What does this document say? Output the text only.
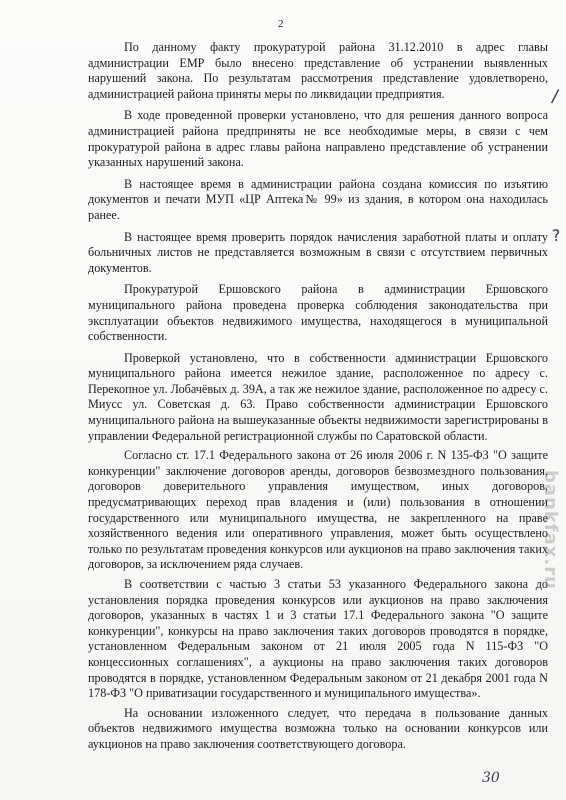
2

По данному факту прокуратурой района 31.12.2010 в адрес главы администрации ЕМР было внесено представление об устранении выявленных нарушений закона. По результатам рассмотрения представление удовлетворено, администрацией района приняты меры по ликвидации предприятия.

В ходе проведенной проверки установлено, что для решения данного вопроса администрацией района предприняты не все необходимые меры, в связи с чем прокуратурой района в адрес главы района направлено представление об устранении указанных нарушений закона.

В настоящее время в администрации района создана комиссия по изъятию документов и печати МУП «ЦР Аптека№ 99» из здания, в котором она находилась ранее.

В настоящее время проверить порядок начисления заработной платы и оплату больничных листов не представляется возможным в связи с отсутствием первичных документов.

Прокуратурой Ершовского района в администрации Ершовского муниципального района проведена проверка соблюдения законодательства при эксплуатации объектов недвижимого имущества, находящегося в муниципальной собственности.

Проверкой установлено, что в собственности администрации Ершовского муниципального района имеется нежилое здание, расположенное по адресу с. Перекопное ул. Лобачёвых д. 39А, а так же нежилое здание, расположенное по адресу с. Миусс ул. Советская д. 63. Право собственности администрации Ершовского муниципального района на вышеуказанные объекты недвижимости зарегистрированы в управлении Федеральной регистрационной службы по Саратовской области.

Согласно ст. 17.1 Федерального закона от 26 июля 2006 г. N 135-ФЗ "О защите конкуренции" заключение договоров аренды, договоров безвозмездного пользования, договоров доверительного управления имуществом, иных договоров, предусматривающих переход прав владения и (или) пользования в отношении государственного или муниципального имущества, не закрепленного на праве хозяйственного ведения или оперативного управления, может быть осуществлено только по результатам проведения конкурсов или аукционов на право заключения таких договоров, за исключением ряда случаев.

В соответствии с частью 3 статьи 53 указанного Федерального закона до установления порядка проведения конкурсов или аукционов на право заключения договоров, указанных в частях 1 и 3 статьи 17.1 Федерального закона "О защите конкуренции", конкурсы на право заключения таких договоров проводятся в порядке, установленном Федеральным законом от 21 июля 2005 года N 115-ФЗ "О концессионных соглашениях", а аукционы на право заключения таких договоров проводятся в порядке, установленном Федеральным законом от 21 декабря 2001 года N 178-ФЗ "О приватизации государственного и муниципального имущества».

На основании изложенного следует, что передача в пользование данных объектов недвижимого имущества возможна только на основании конкурсов или аукционов на право заключения соответствующего договора.

/
?
30
bankfax.ru
